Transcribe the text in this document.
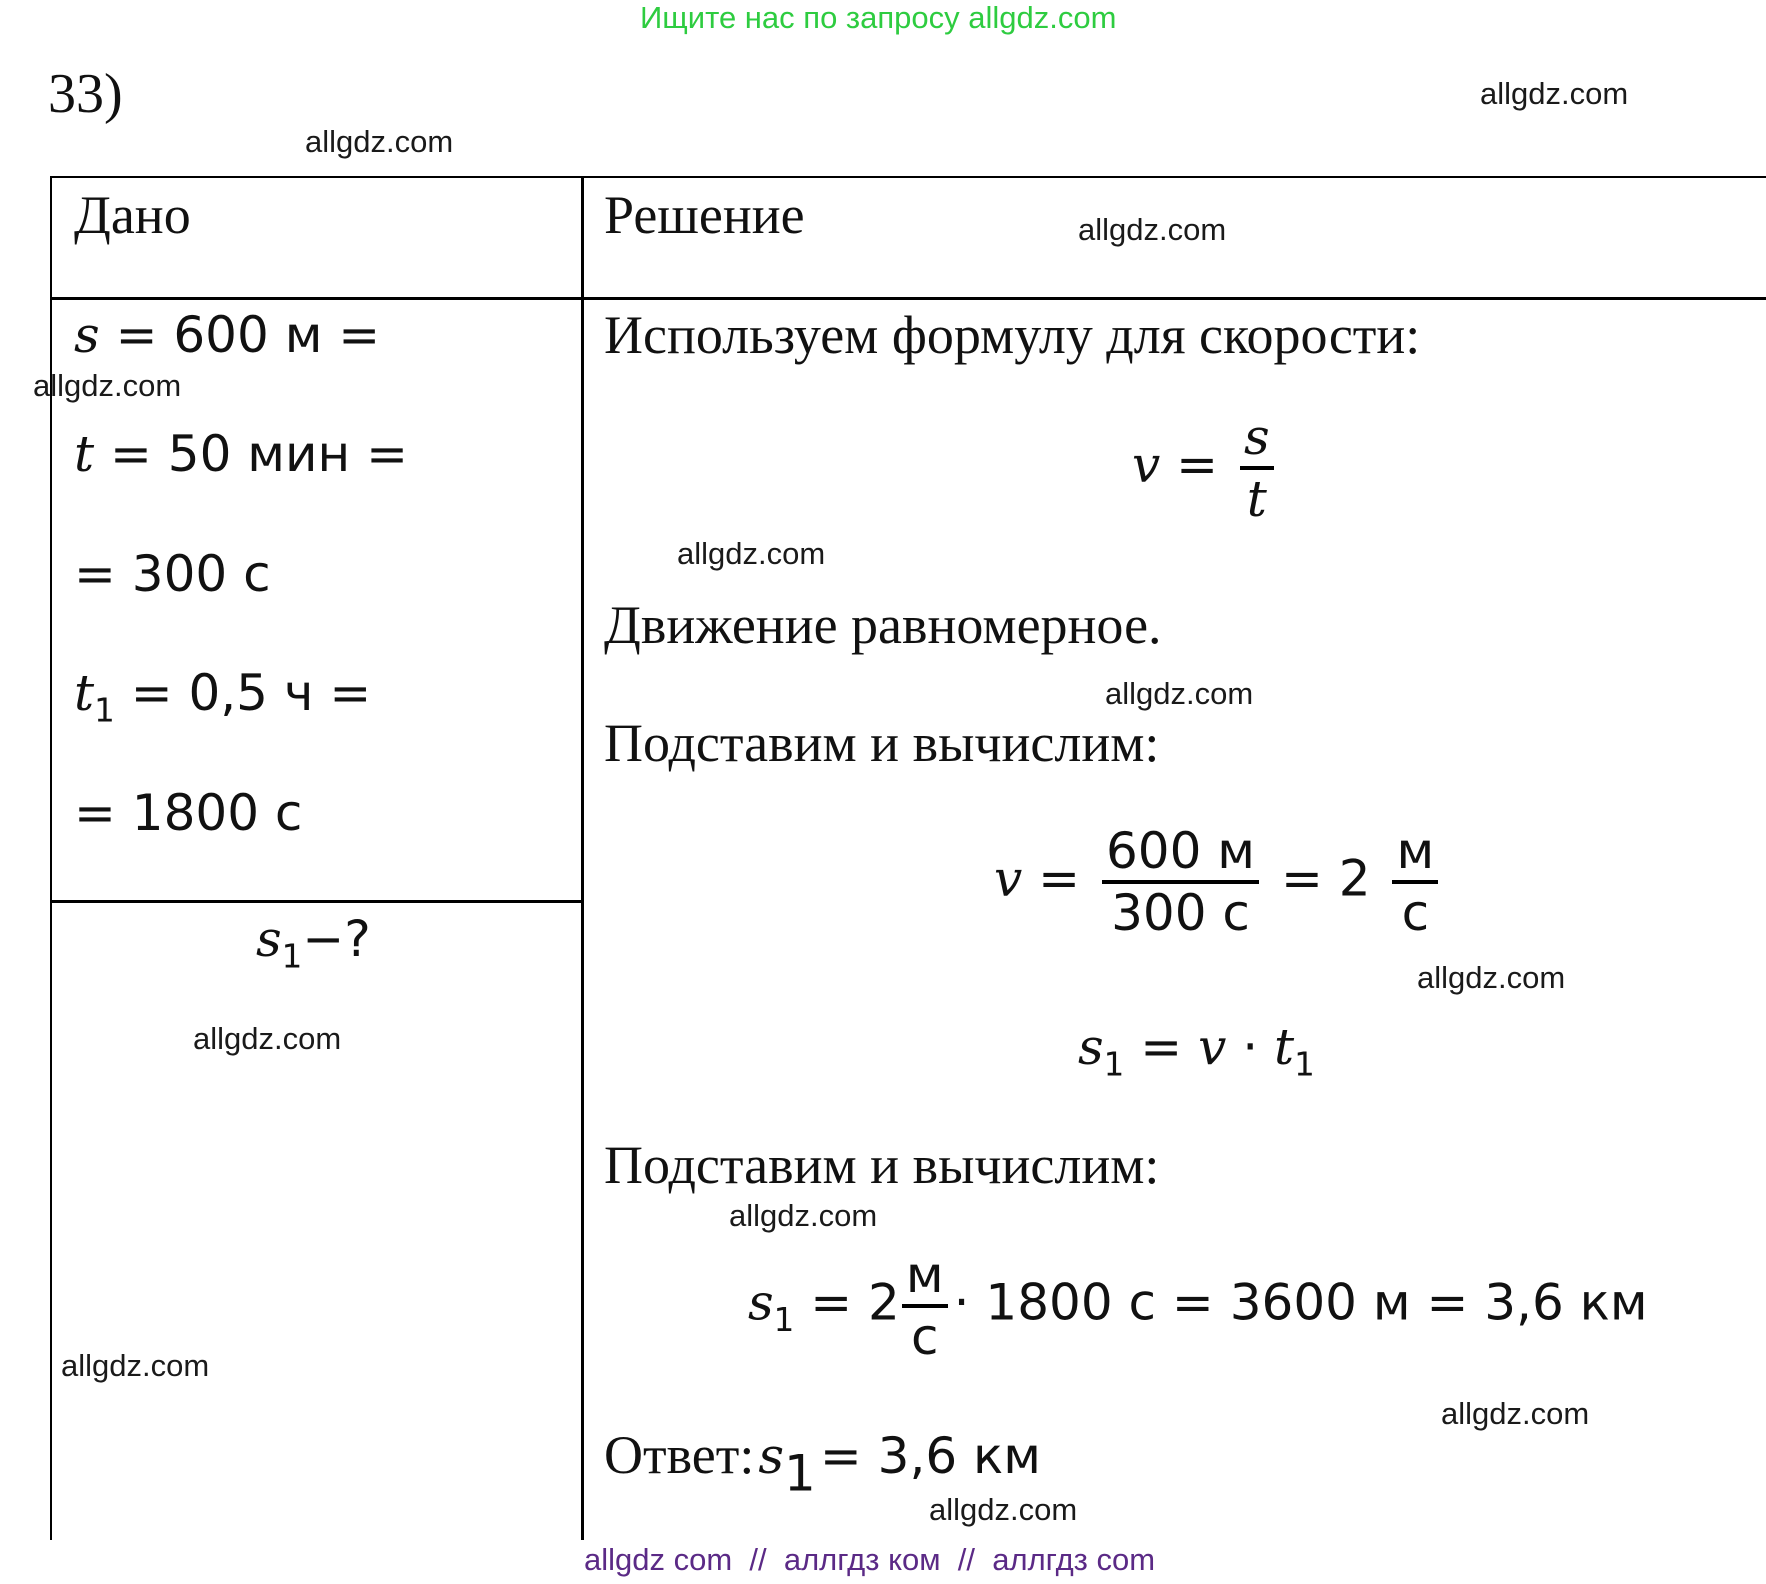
Ищите нас по запросу allgdz.com
33)
Дано	Решение
s = 600 м =
t = 50 мин =
= 300 с
$t_1 = 0,5$ ч =
= 1800 с
$s_1-$?
Используем формулу для скорости:
$v = \frac{s}{t}$
Движение равномерное.
Подставим и вычислим:
$v = \frac{600 м}{300 с} = 2 \frac{м}{с}$
$s_1 = v \cdot t_1$
Подставим и вычислим:
$s_1 = 2 \frac{м}{с} \cdot 1800$ с = 3600 м = 3,6 км
Ответ: $s_1 = 3,6$ км
allgdz.com
allgdz.com
allgdz.com
allgdz.com
allgdz.com
allgdz.com
allgdz.com
allgdz.com
allgdz.com
allgdz.com
allgdz.com
allgdz.com
allgdz com  //  аллгдз ком  //  аллгдз com
